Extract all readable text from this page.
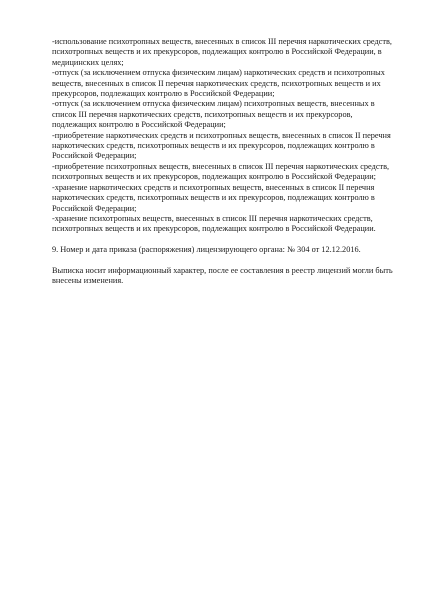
-использование психотропных веществ, внесенных в список III перечня наркотических средств, психотропных веществ и их прекурсоров, подлежащих контролю в Российской Федерации, в медицинских целях;

-отпуск (за исключением отпуска физическим лицам) наркотических средств и психотропных веществ, внесенных в список II перечня наркотических средств, психотропных веществ и их прекурсоров, подлежащих контролю в Российской Федерации;

-отпуск (за исключением отпуска физическим лицам) психотропных веществ, внесенных в список III перечня наркотических средств, психотропных веществ и их прекурсоров, подлежащих контролю в Российской Федерации;

-приобретение наркотических средств и психотропных веществ, внесенных в список II перечня наркотических средств, психотропных веществ и их прекурсоров, подлежащих контролю в Российской Федерации;

-приобретение психотропных веществ, внесенных в список III перечня наркотических средств, психотропных веществ и их прекурсоров, подлежащих контролю в Российской Федерации;

-хранение наркотических средств и психотропных веществ, внесенных в список II перечня наркотических средств, психотропных веществ и их прекурсоров, подлежащих контролю в Российской Федерации;

-хранение психотропных веществ, внесенных в список III перечня наркотических средств, психотропных веществ и их прекурсоров, подлежащих контролю в Российской Федерации.

9. Номер и дата приказа (распоряжения) лицензирующего органа: № 304 от 12.12.2016.

Выписка носит информационный характер, после ее составления в реестр лицензий могли быть внесены изменения.
